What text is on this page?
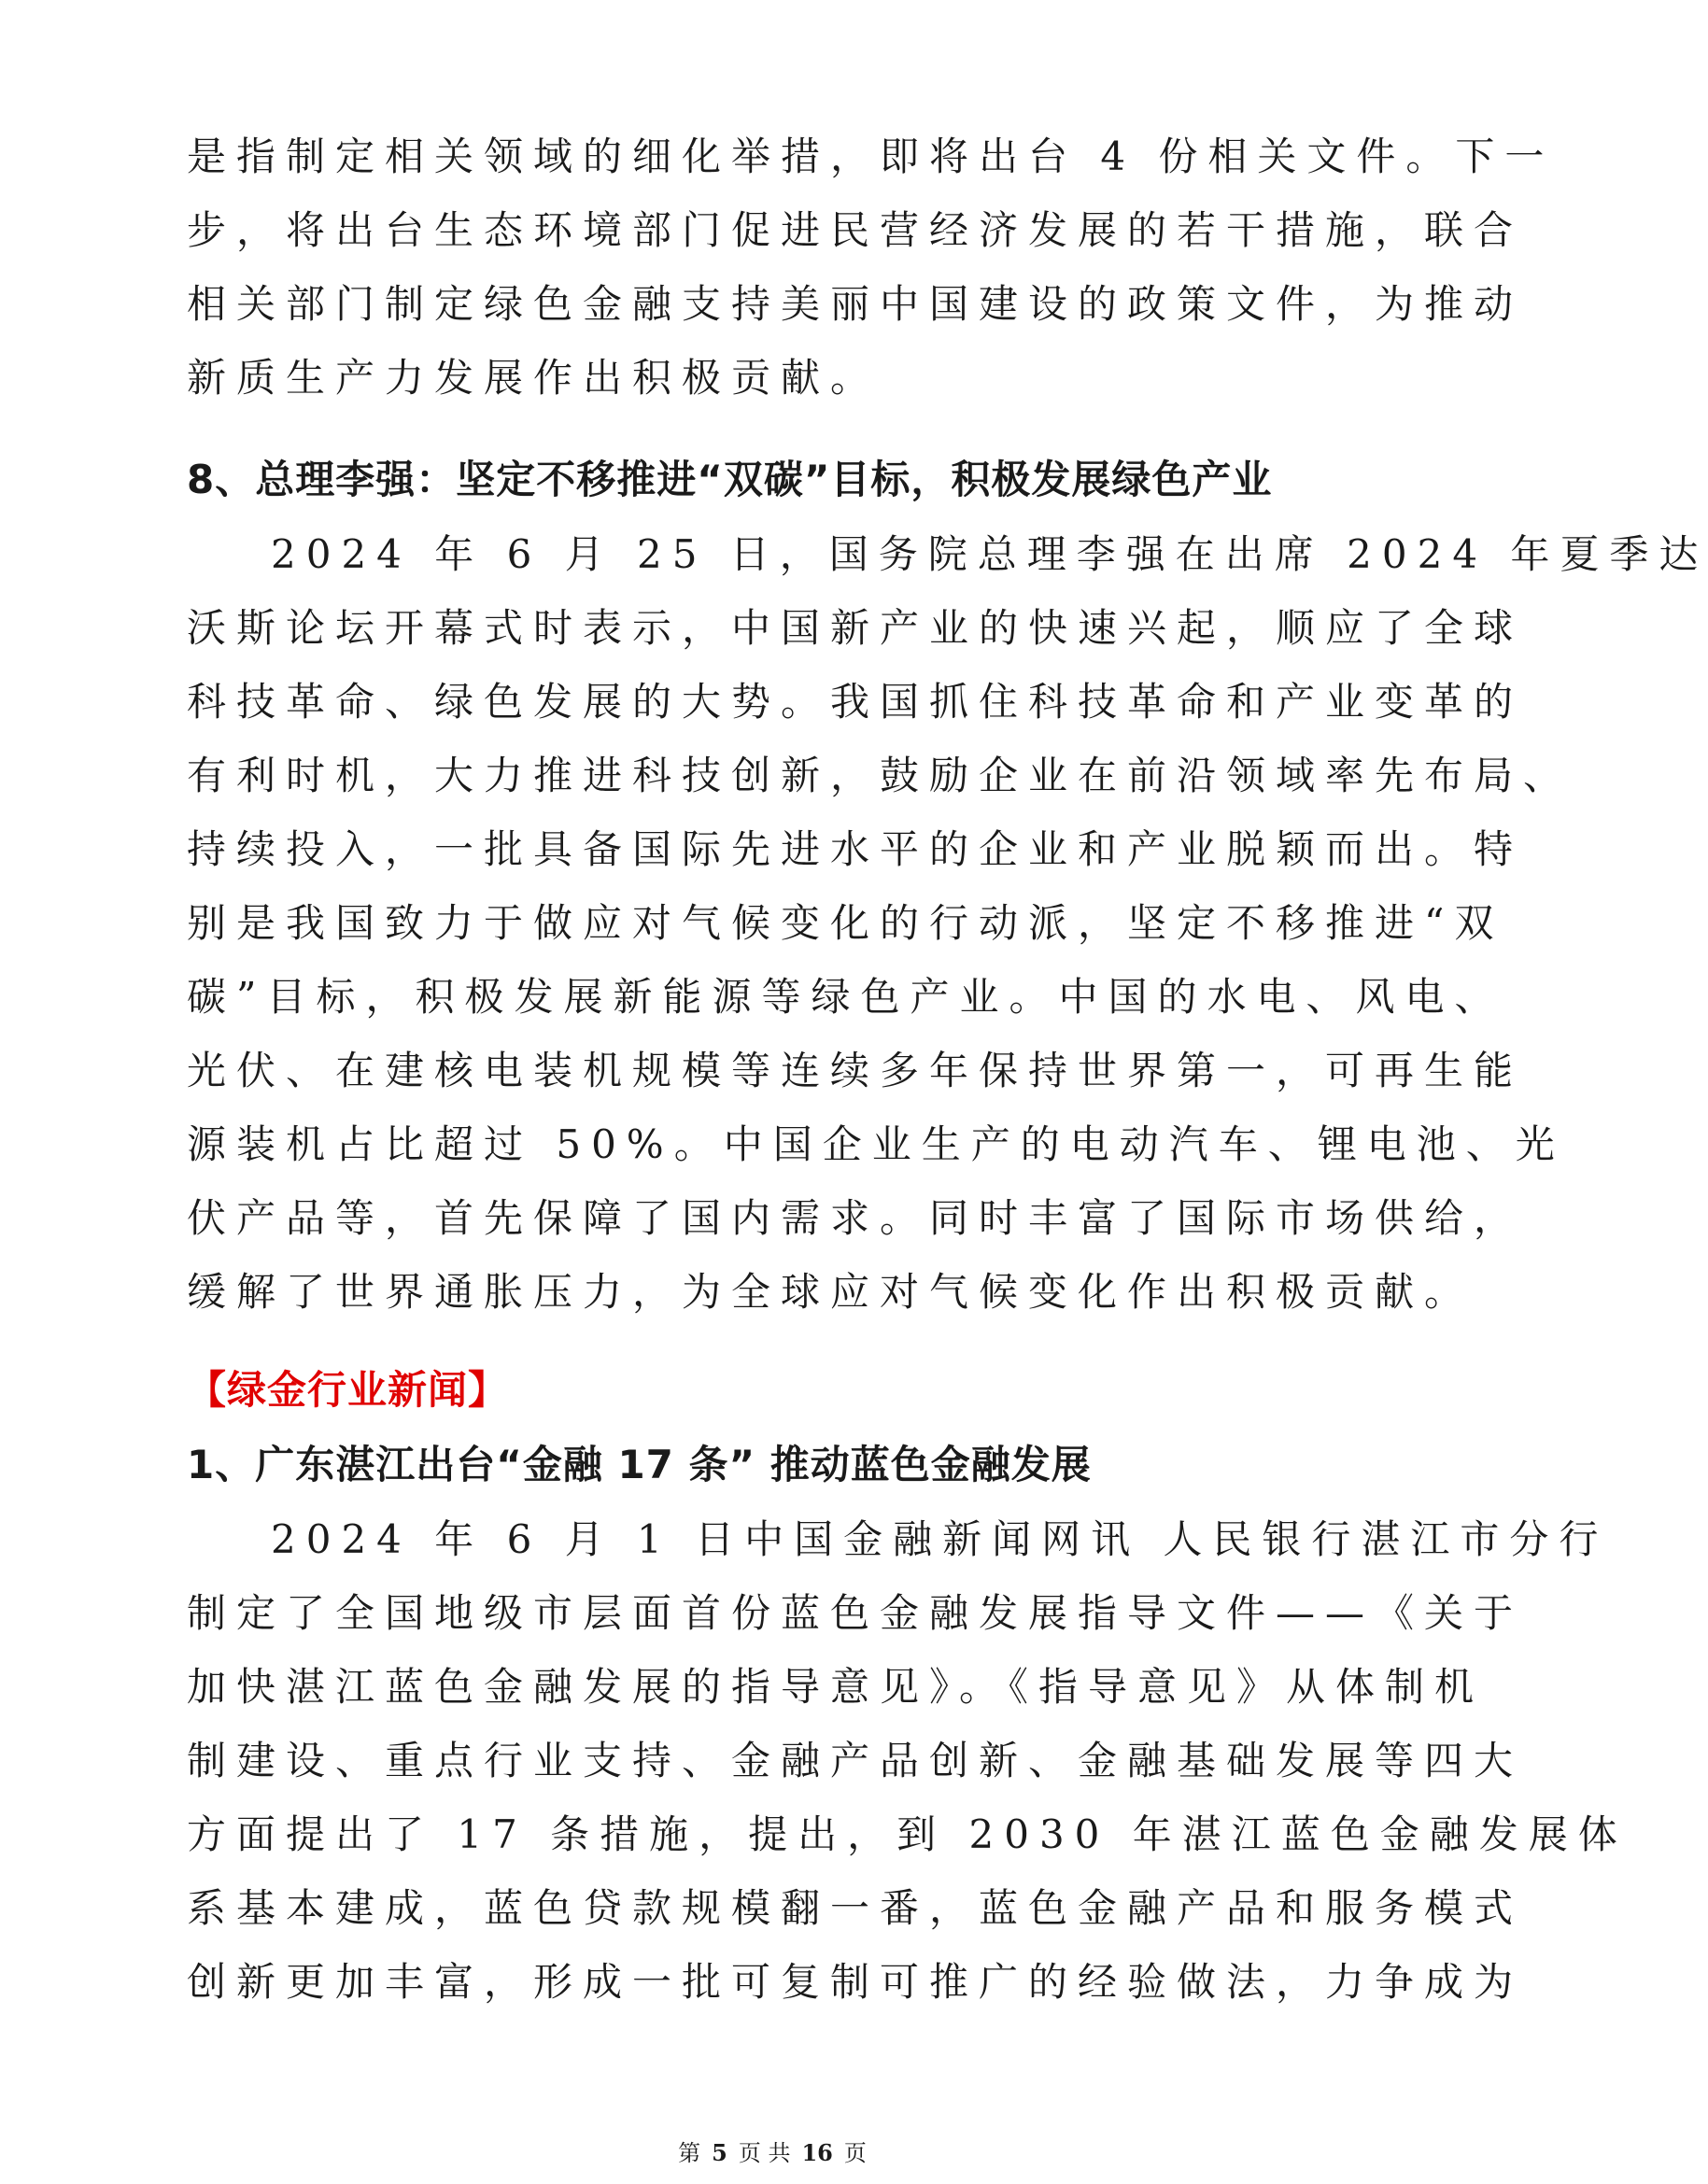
是指制定相关领域的细化举措，即将出台 4 份相关文件。下一
步，将出台生态环境部门促进民营经济发展的若干措施，联合
相关部门制定绿色金融支持美丽中国建设的政策文件，为推动
新质生产力发展作出积极贡献。
8、总理李强：坚定不移推进“双碳”目标，积极发展绿色产业
2024 年 6 月 25 日，国务院总理李强在出席 2024 年夏季达
沃斯论坛开幕式时表示，中国新产业的快速兴起，顺应了全球
科技革命、绿色发展的大势。我国抓住科技革命和产业变革的
有利时机，大力推进科技创新，鼓励企业在前沿领域率先布局、
持续投入，一批具备国际先进水平的企业和产业脱颖而出。特
别是我国致力于做应对气候变化的行动派，坚定不移推进“双
碳”目标，积极发展新能源等绿色产业。中国的水电、风电、
光伏、在建核电装机规模等连续多年保持世界第一，可再生能
源装机占比超过 50%。中国企业生产的电动汽车、锂电池、光
伏产品等，首先保障了国内需求。同时丰富了国际市场供给，
缓解了世界通胀压力，为全球应对气候变化作出积极贡献。
【绿金行业新闻】
1、广东湛江出台“金融 17 条” 推动蓝色金融发展
2024 年 6 月 1 日中国金融新闻网讯 人民银行湛江市分行
制定了全国地级市层面首份蓝色金融发展指导文件——《关于
加快湛江蓝色金融发展的指导意见》。《指导意见》从体制机
制建设、重点行业支持、金融产品创新、金融基础发展等四大
方面提出了 17 条措施，提出，到 2030 年湛江蓝色金融发展体
系基本建成，蓝色贷款规模翻一番，蓝色金融产品和服务模式
创新更加丰富，形成一批可复制可推广的经验做法，力争成为
第 5 页 共 16 页
